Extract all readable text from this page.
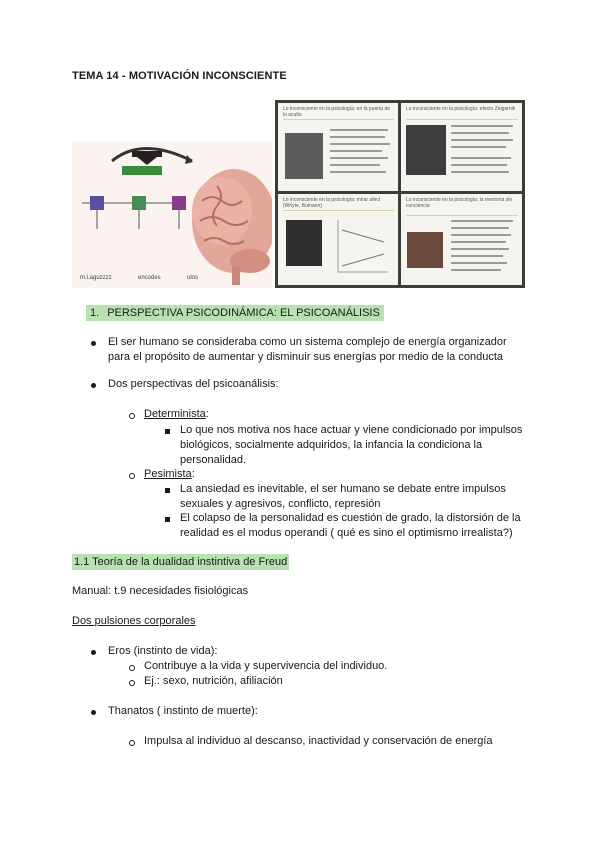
TEMA 14 - MOTIVACIÓN INCONSCIENTE
m.l.aguzzzz	encodes	ulos
Lo inconsciente en la psicología: en la puerta de lo oculto
Lo inconsciente en la psicología: efecto Zeigarnik
Lo inconsciente en la psicología: mirar afect (Whyte, Bumann)
Lo inconsciente en la psicología: la memoria sin conciencia
1. PERSPECTIVA PSICODINÁMICA: EL PSICOANÁLISIS
El ser humano se consideraba como un sistema complejo de energía organizador
para el propósito de aumentar y disminuir sus energías por medio de la conducta
Dos perspectivas del psicoanálisis:
Determinista:
Lo que nos motiva nos hace actuar y viene condicionado por impulsos
biológicos, socialmente adquiridos, la infancia la condiciona la
personalidad.
Pesimista:
La ansiedad es inevitable, el ser humano se debate entre impulsos
sexuales y agresivos, conflicto, represión
El colapso de la personalidad es cuestión de grado, la distorsión de la
realidad es el modus operandi ( qué es sino el optimismo irrealista?)
1.1 Teoría de la dualidad instintiva de Freud
Manual: t.9 necesidades fisiológicas
Dos pulsiones corporales
Eros (instinto de vida):
Contribuye a la vida y supervivencia del individuo.
Ej.: sexo, nutrición, afiliación
Thanatos ( instinto de muerte):
Impulsa al individuo al descanso, inactividad y conservación de energía
